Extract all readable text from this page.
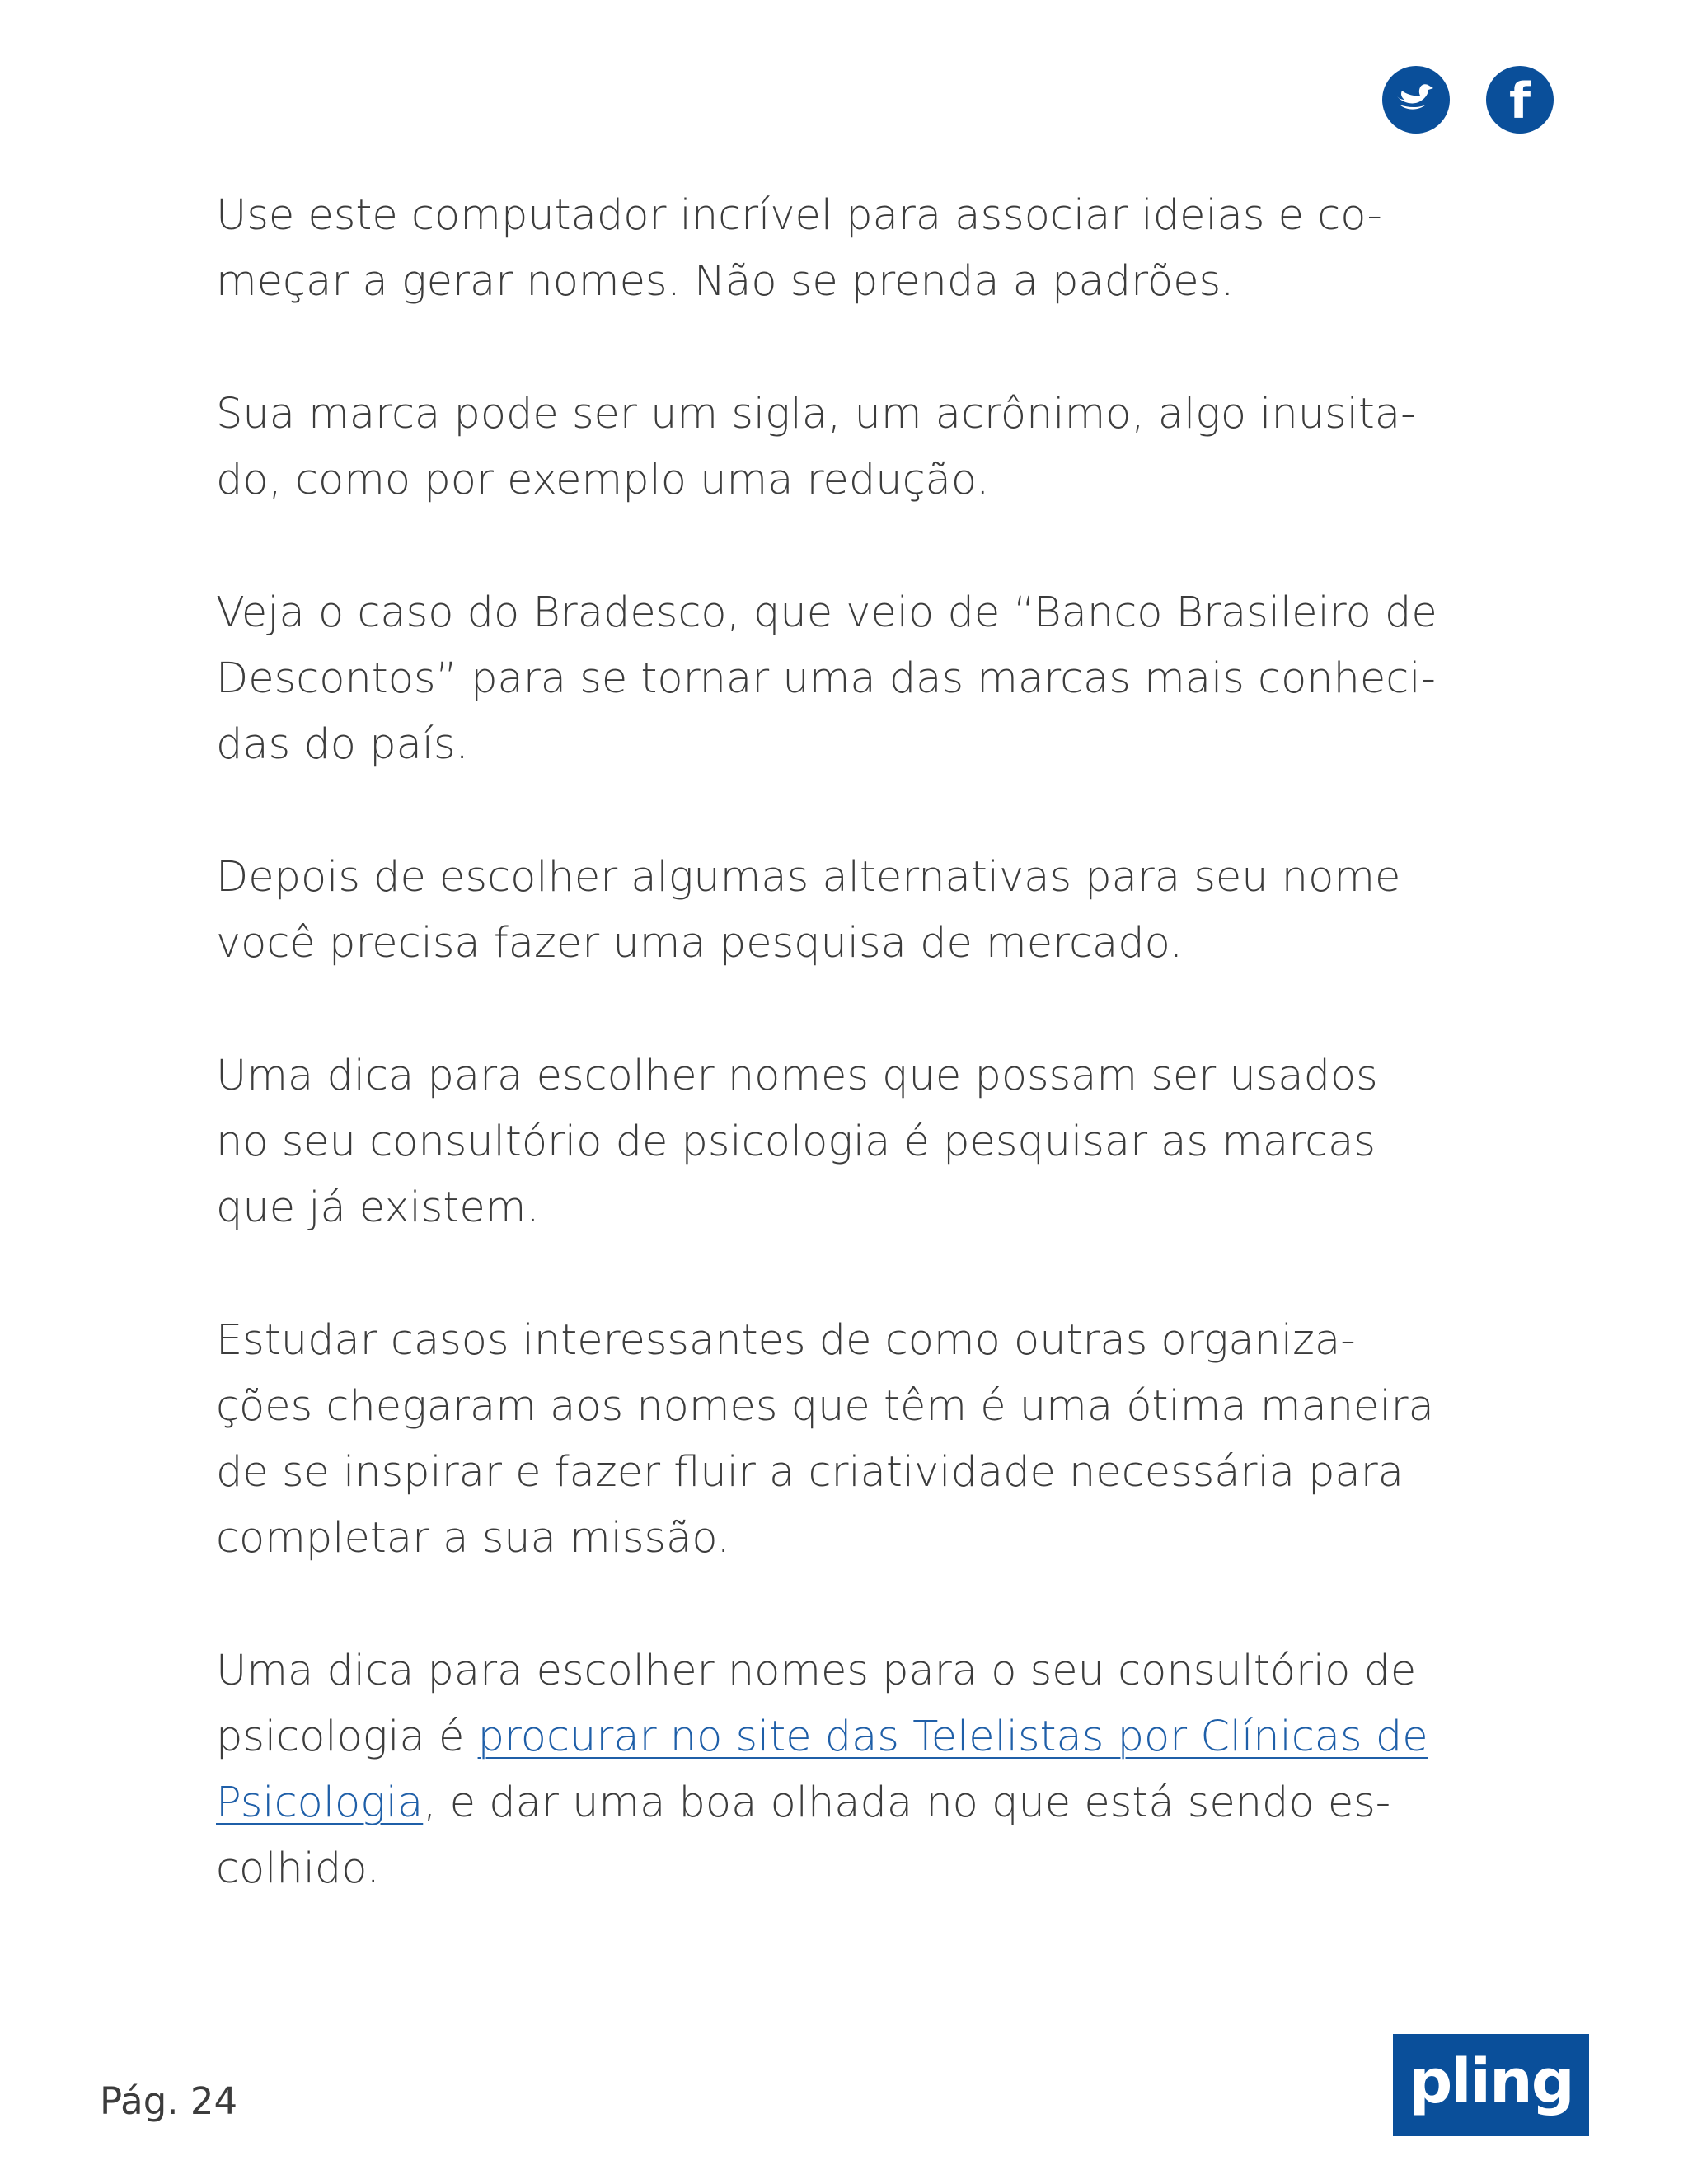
f

Use este computador incrível para associar ideias e co-
meçar a gerar nomes. Não se prenda a padrões.

Sua marca pode ser um sigla, um acrônimo, algo inusita-
do, como por exemplo uma redução.

Veja o caso do Bradesco, que veio de “Banco Brasileiro de
Descontos” para se tornar uma das marcas mais conheci-
das do país.

Depois de escolher algumas alternativas para seu nome
você precisa fazer uma pesquisa de mercado.

Uma dica para escolher nomes que possam ser usados
no seu consultório de psicologia é pesquisar as marcas
que já existem.

Estudar casos interessantes de como outras organiza-
ções chegaram aos nomes que têm é uma ótima maneira
de se inspirar e fazer fluir a criatividade necessária para
completar a sua missão.

Uma dica para escolher nomes para o seu consultório de
psicologia é procurar no site das Telelistas por Clínicas de
Psicologia, e dar uma boa olhada no que está sendo es-
colhido.

Pág. 24	pling
